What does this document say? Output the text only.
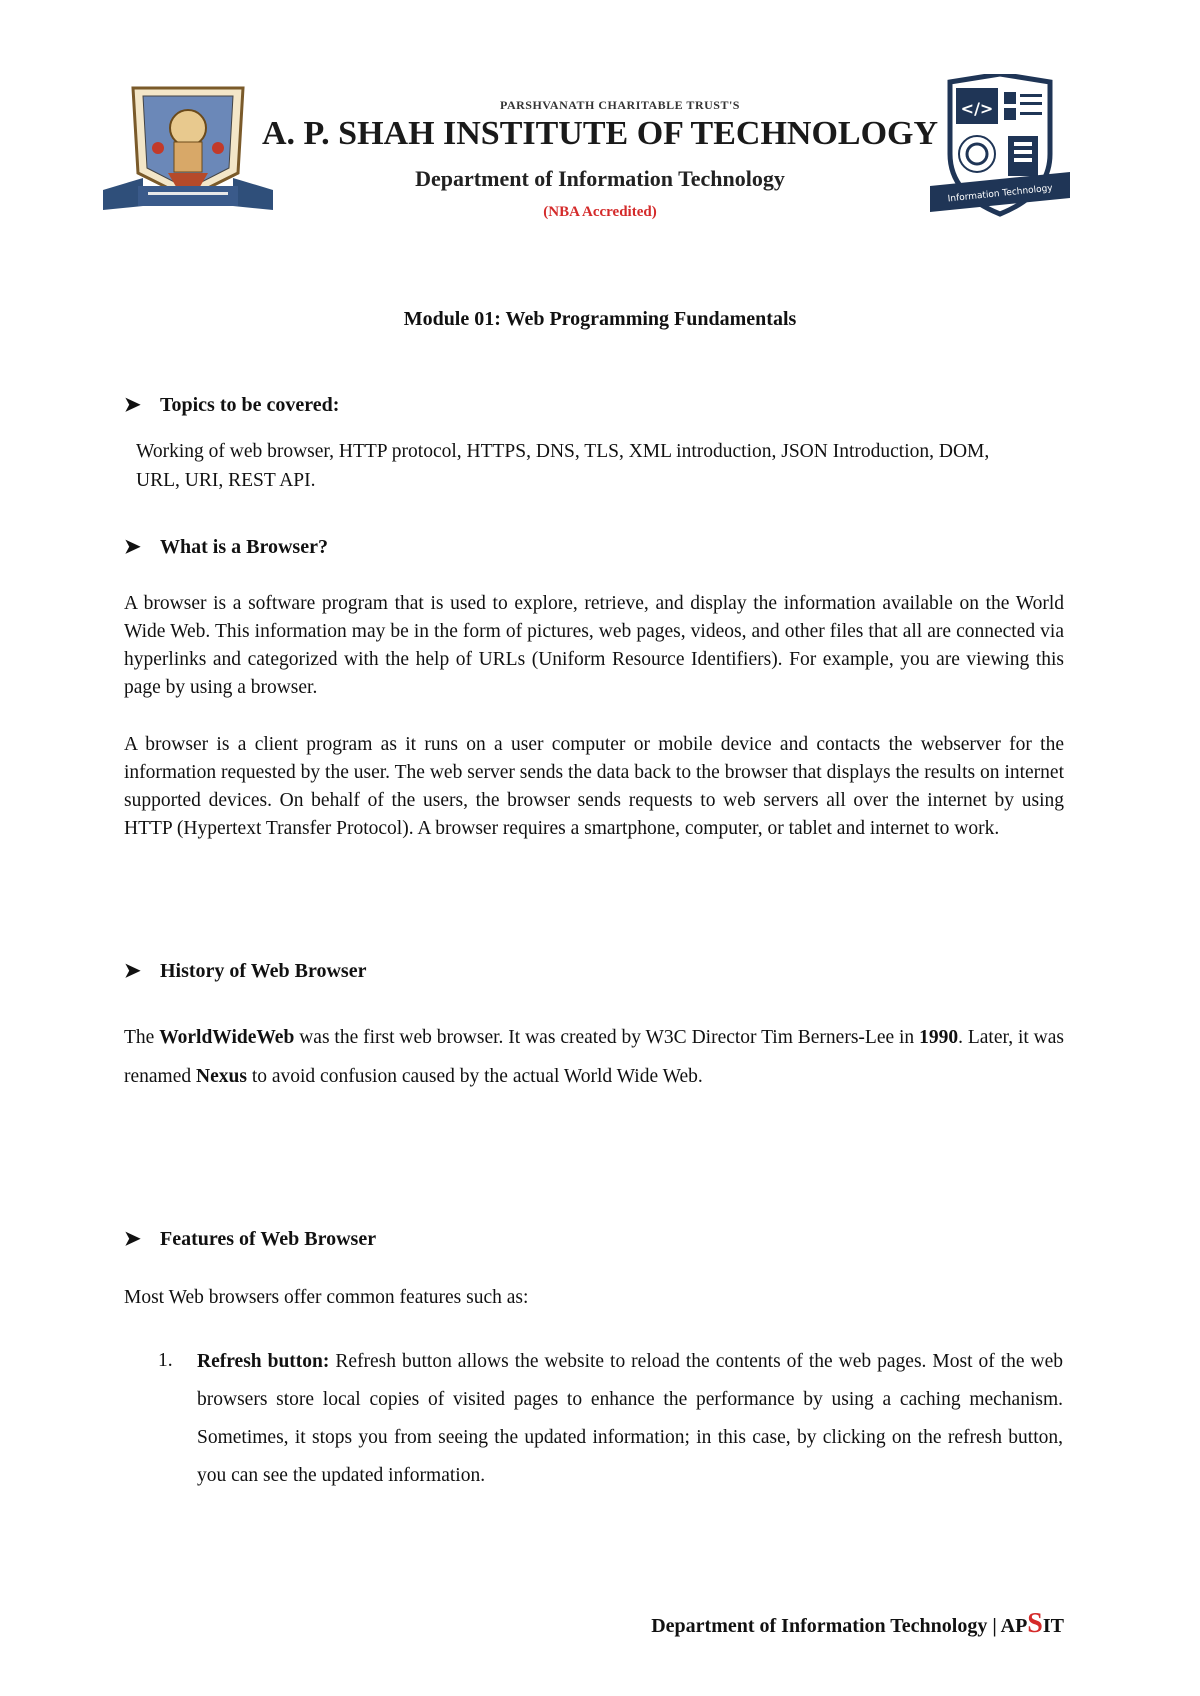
</>
Information Technology
PARSHVANATH CHARITABLE TRUST'S
A. P. SHAH INSTITUTE OF TECHNOLOGY
Department of Information Technology
(NBA Accredited)
Module 01: Web Programming Fundamentals
➤ Topics to be covered:
Working of web browser, HTTP protocol, HTTPS, DNS, TLS, XML introduction, JSON Introduction, DOM, URL, URI, REST API.
➤ What is a Browser?
A browser is a software program that is used to explore, retrieve, and display the information available on the World Wide Web. This information may be in the form of pictures, web pages, videos, and other files that all are connected via hyperlinks and categorized with the help of URLs (Uniform Resource Identifiers). For example, you are viewing this page by using a browser.
A browser is a client program as it runs on a user computer or mobile device and contacts the webserver for the information requested by the user. The web server sends the data back to the browser that displays the results on internet supported devices. On behalf of the users, the browser sends requests to web servers all over the internet by using HTTP (Hypertext Transfer Protocol). A browser requires a smartphone, computer, or tablet and internet to work.
➤ History of Web Browser
The WorldWideWeb was the first web browser. It was created by W3C Director Tim Berners-Lee in 1990. Later, it was renamed Nexus to avoid confusion caused by the actual World Wide Web.
➤ Features of Web Browser
Most Web browsers offer common features such as:
1. Refresh button: Refresh button allows the website to reload the contents of the web pages. Most of the web browsers store local copies of visited pages to enhance the performance by using a caching mechanism. Sometimes, it stops you from seeing the updated information; in this case, by clicking on the refresh button, you can see the updated information.
Department of Information Technology | APSIT
